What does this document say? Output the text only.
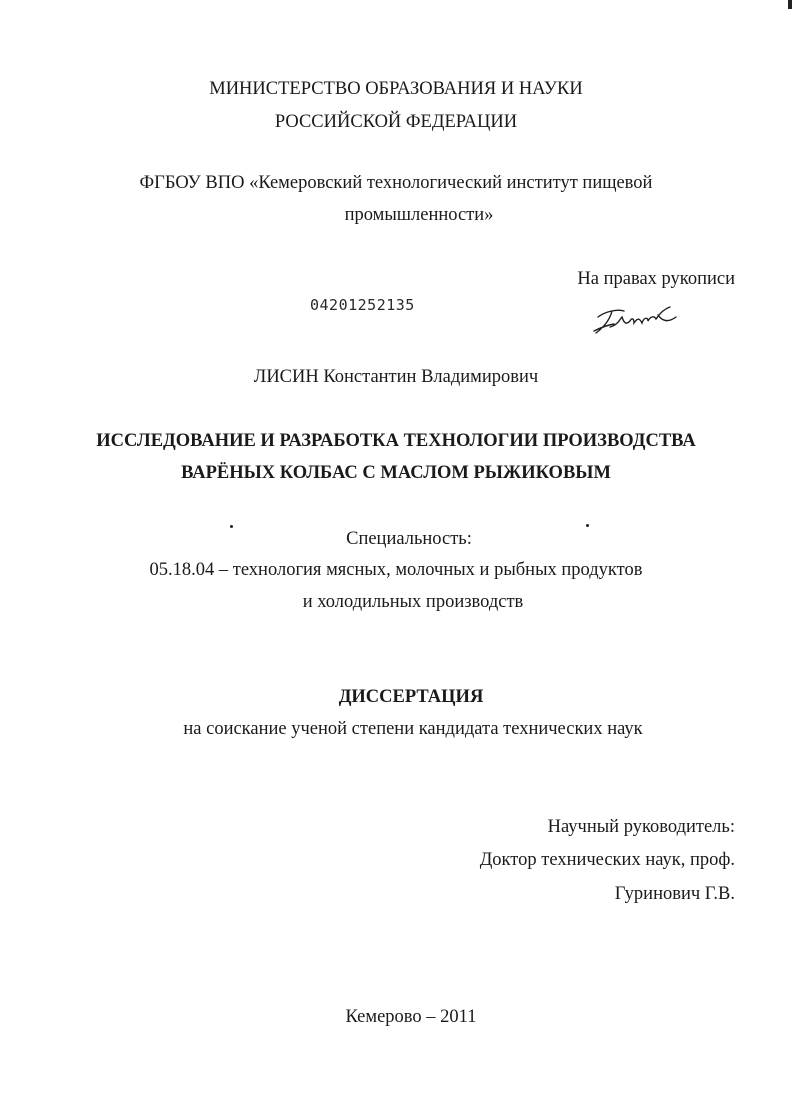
МИНИСТЕРСТВО ОБРАЗОВАНИЯ И НАУКИ
РОССИЙСКОЙ ФЕДЕРАЦИИ
ФГБОУ ВПО «Кемеровский технологический институт пищевой
промышленности»
На правах рукописи
04201252135
ЛИСИН Константин Владимирович
ИССЛЕДОВАНИЕ И РАЗРАБОТКА ТЕХНОЛОГИИ ПРОИЗВОДСТВА
ВАРЁНЫХ КОЛБАС С МАСЛОМ РЫЖИКОВЫМ
Специальность:
05.18.04 – технология мясных, молочных и рыбных продуктов
и холодильных производств
ДИССЕРТАЦИЯ
на соискание ученой степени кандидата технических наук
Научный руководитель:
Доктор технических наук, проф.
Гуринович Г.В.
Кемерово – 2011
